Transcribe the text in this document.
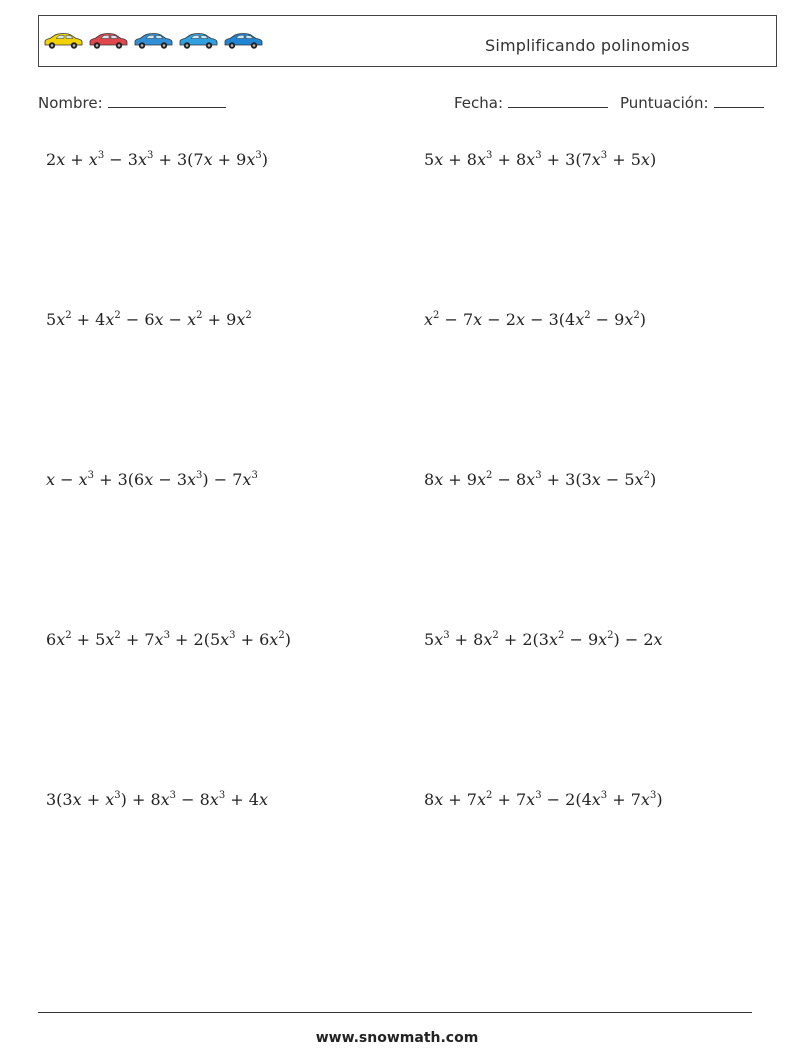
Simplificando polinomios
Nombre:	Fecha:	Puntuación:
$2x + x^3 - 3x^3 + 3(7x + 9x^3)$	$5x + 8x^3 + 8x^3 + 3(7x^3 + 5x)$
$5x^2 + 4x^2 - 6x - x^2 + 9x^2$	$x^2 - 7x - 2x - 3(4x^2 - 9x^2)$
$x - x^3 + 3(6x - 3x^3) - 7x^3$	$8x + 9x^2 - 8x^3 + 3(3x - 5x^2)$
$6x^2 + 5x^2 + 7x^3 + 2(5x^3 + 6x^2)$	$5x^3 + 8x^2 + 2(3x^2 - 9x^2) - 2x$
$3(3x + x^3) + 8x^3 - 8x^3 + 4x$	$8x + 7x^2 + 7x^3 - 2(4x^3 + 7x^3)$
www.snowmath.com
